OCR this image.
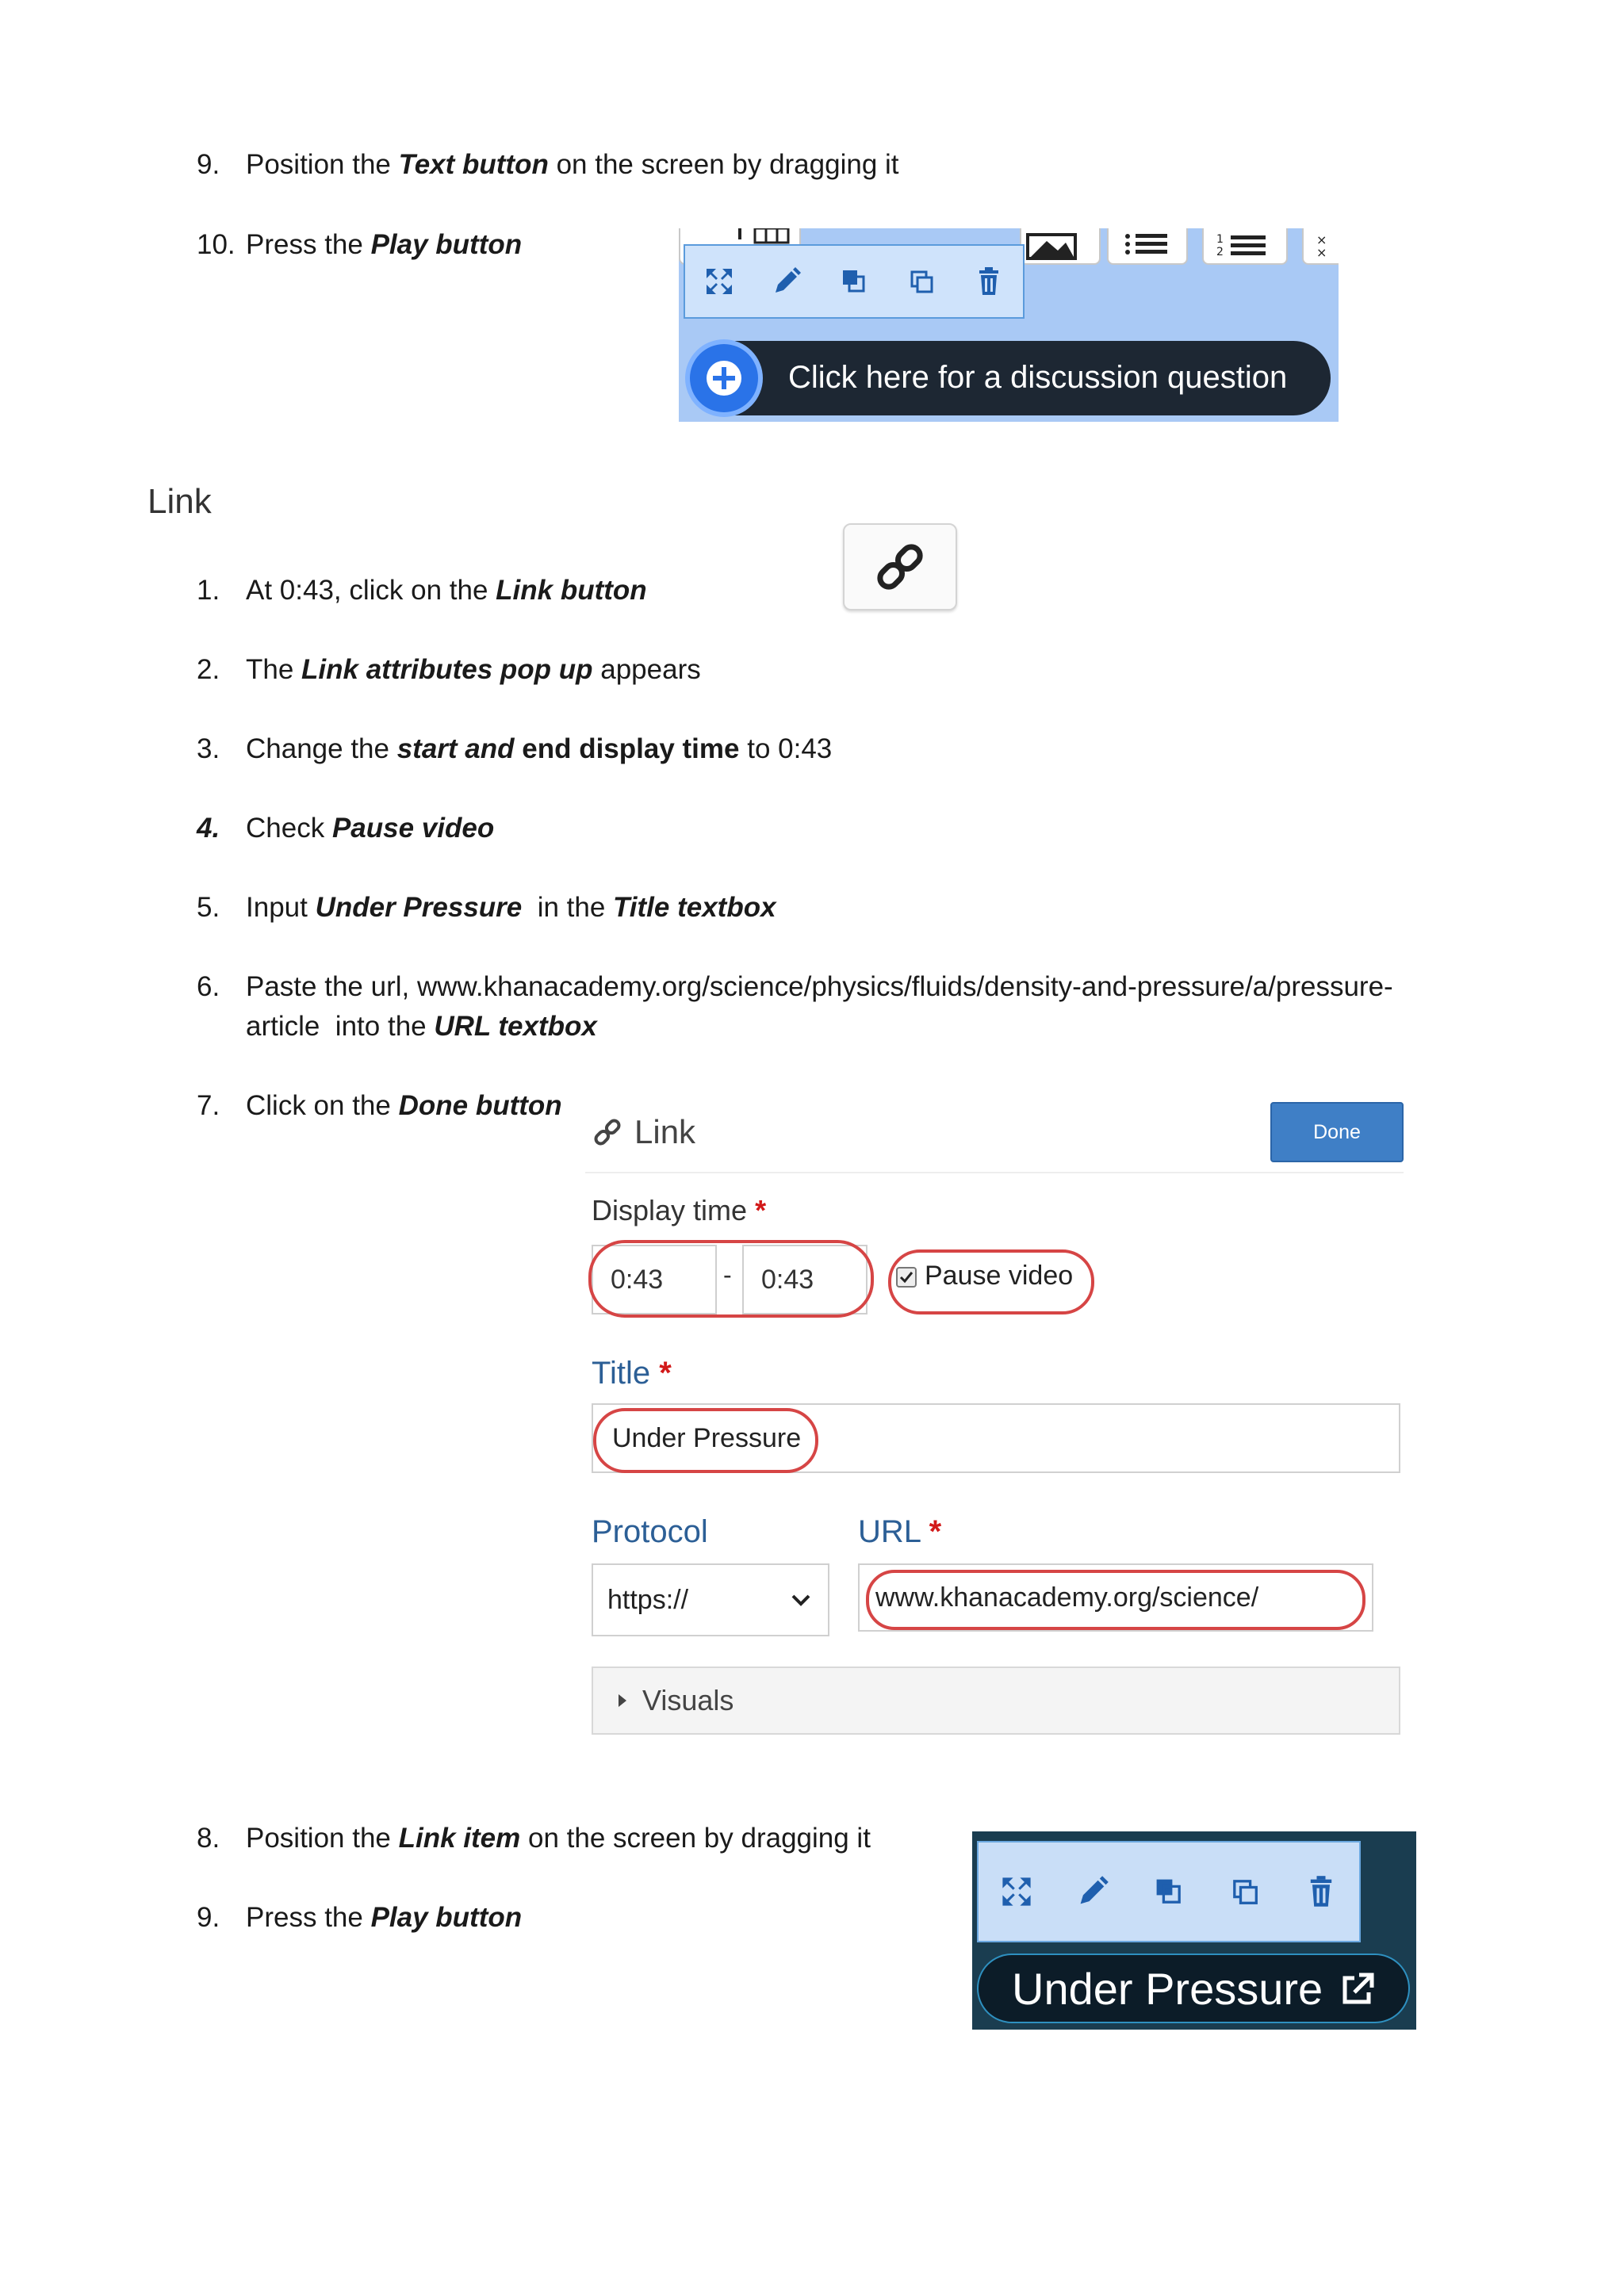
9. Position the Text button on the screen by dragging it
10. Press the Play button	1
2
×
×
Click here for a discussion question
Link
1. At 0:43, click on the Link button
2. The Link attributes pop up appears
3. Change the start and end display time to 0:43
4. Check Pause video
5. Input Under Pressure  in the Title textbox
6. Paste the url, www.khanacademy.org/science/physics/fluids/density-and-pressure/a/pressure-
article  into the URL textbox
7. Click on the Done button
Link	Done
Display time *
0:43	-	0:43	Pause video
Title *
Under Pressure
Protocol	URL *
https://	www.khanacademy.org/science/
Visuals
8. Position the Link item on the screen by dragging it
9. Press the Play button
Under Pressure
